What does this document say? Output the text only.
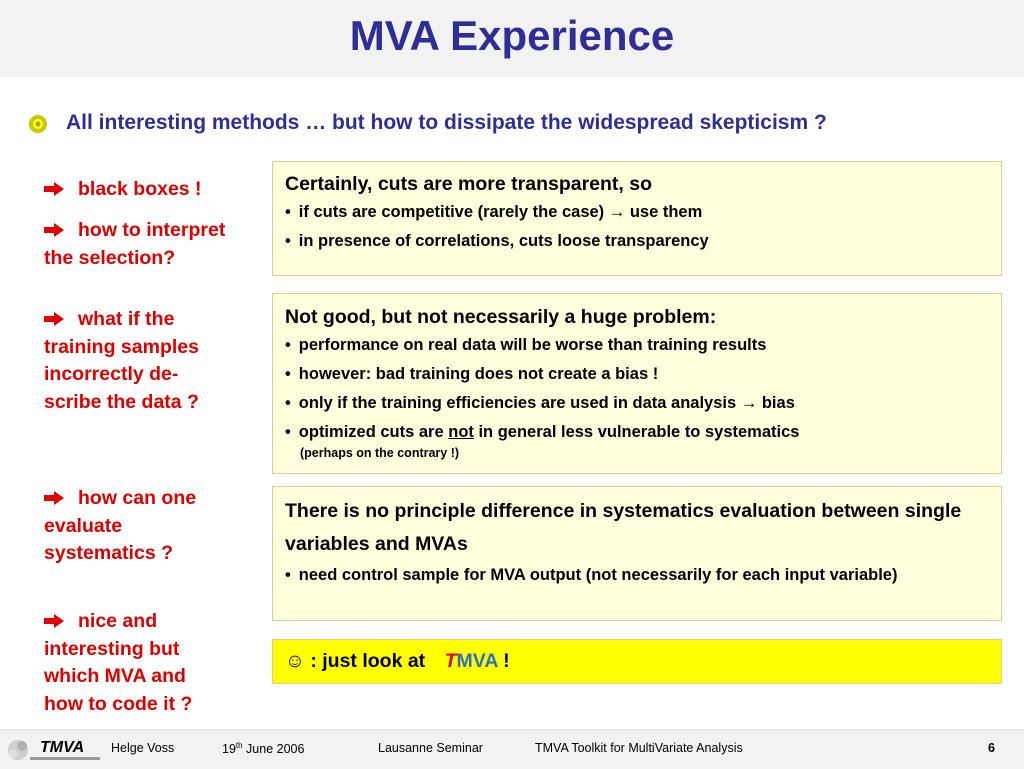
MVA Experience
All interesting methods … but how to dissipate the widespread skepticism ?
black boxes !
how to interpret
the selection?
what if the
training samples
incorrectly de-
scribe the data ?
how can one
evaluate
systematics ?
nice and
interesting but
which MVA and
how to code it ?
Certainly, cuts are more transparent, so
• if cuts are competitive (rarely the case) → use them
• in presence of correlations, cuts loose transparency
Not good, but not necessarily a huge problem:
• performance on real data will be worse than training results
• however: bad training does not create a bias !
• only if the training efficiencies are used in data analysis → bias
• optimized cuts are not in general less vulnerable to systematics
(perhaps on the contrary !)
There is no principle difference in systematics evaluation between single variables and MVAs
• need control sample for MVA output (not necessarily for each input variable)
☺ : just look at TMVA !
TMVA Helge Voss	19th June 2006	Lausanne Seminar	TMVA Toolkit for MultiVariate Analysis	6
